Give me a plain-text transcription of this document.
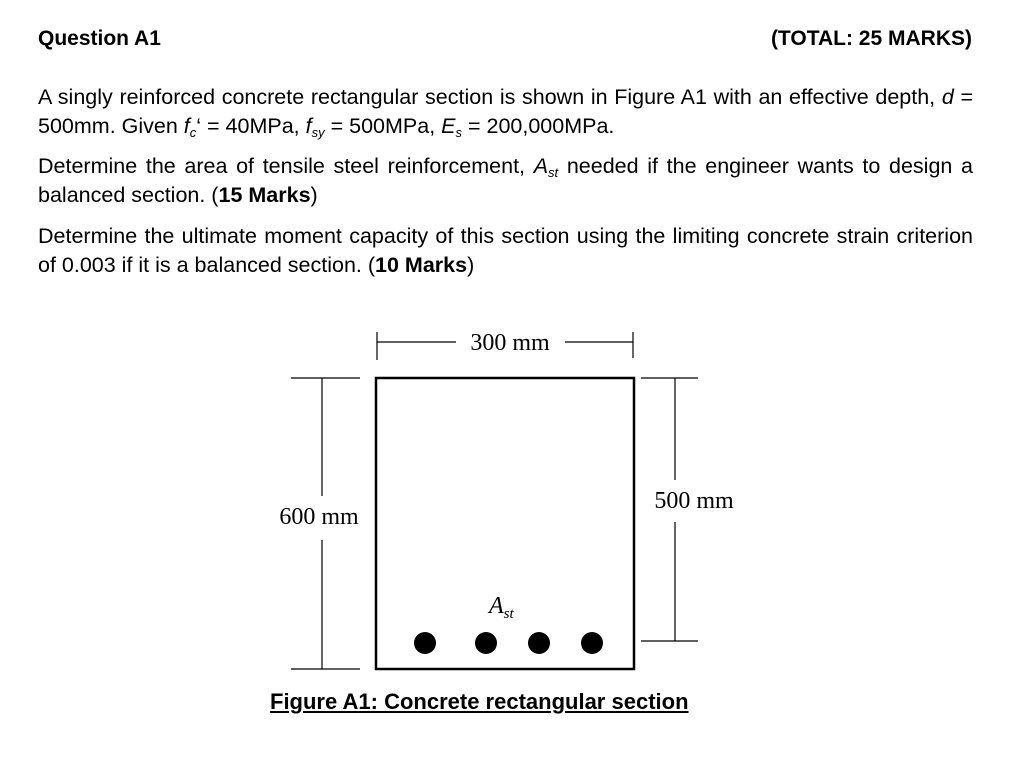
Question A1	(TOTAL: 25 MARKS)
A singly reinforced concrete rectangular section is shown in Figure A1 with an effective depth, d = 500mm. Given $f_c‘ = 40MPa$, $f_{sy} = 500MPa$, $E_s = 200,000MPa$.
Determine the area of tensile steel reinforcement, $A_{st}$ needed if the engineer wants to design a balanced section. (15 Marks)
Determine the ultimate moment capacity of this section using the limiting concrete strain criterion of 0.003 if it is a balanced section. (10 Marks)
300 mm
600 mm
500 mm
$A_{st}$
Figure A1: Concrete rectangular section
